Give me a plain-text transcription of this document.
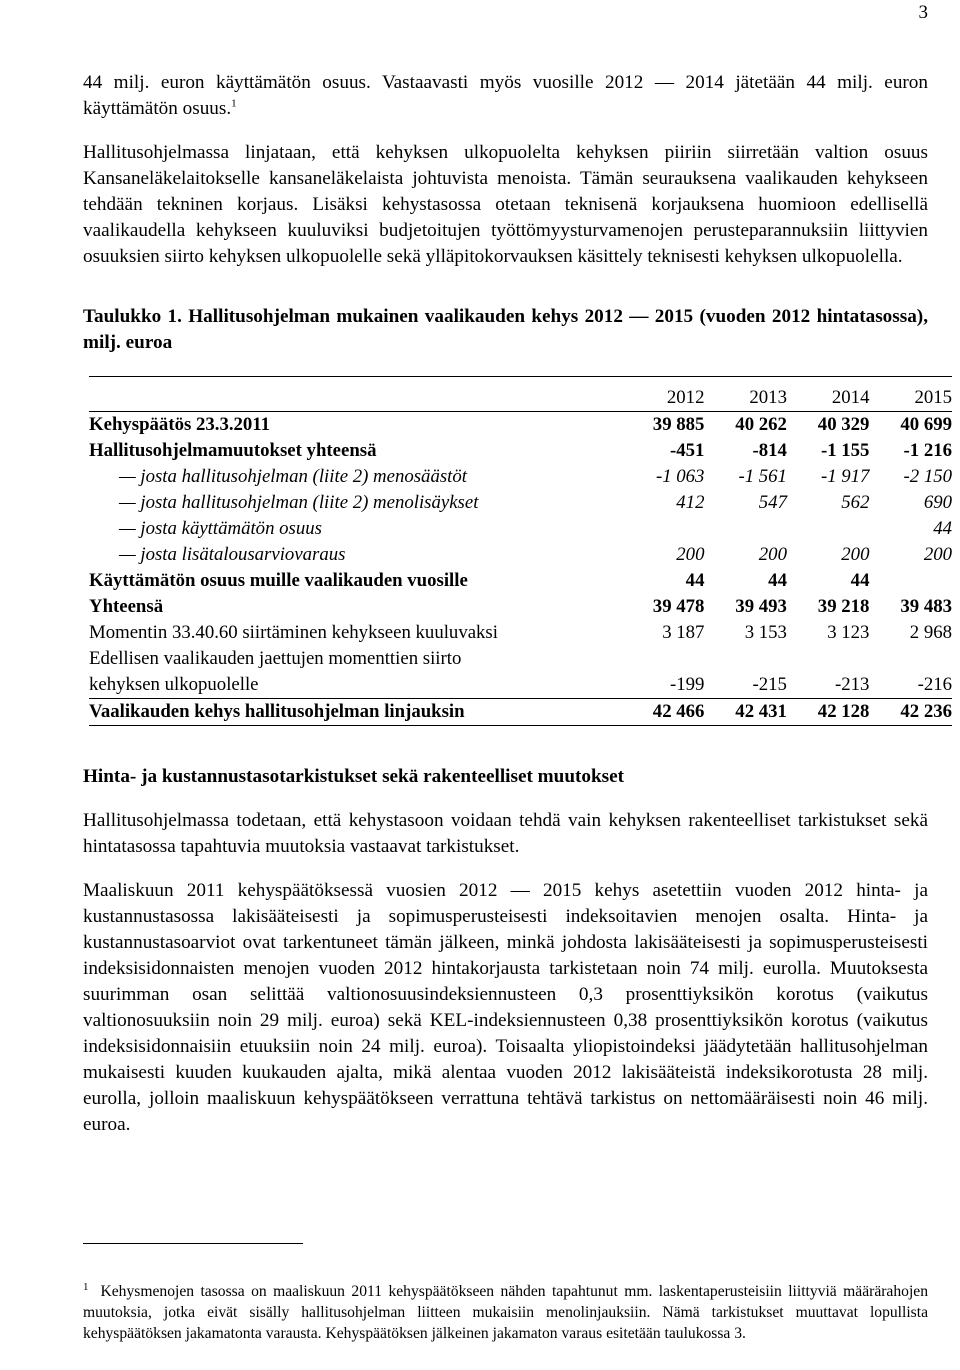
3

44 milj. euron käyttämätön osuus. Vastaavasti myös vuosille 2012 — 2014 jätetään 44 milj. euron käyttämätön osuus.$^1$

Hallitusohjelmassa linjataan, että kehyksen ulkopuolelta kehyksen piiriin siirretään valtion osuus Kansaneläkelaitokselle kansaneläkelaista johtuvista menoista. Tämän seurauksena vaalikauden kehykseen tehdään tekninen korjaus. Lisäksi kehystasossa otetaan teknisenä korjauksena huomioon edellisellä vaalikaudella kehykseen kuuluviksi budjetoitujen työttömyysturvamenojen perusteparannuksiin liittyvien osuuksien siirto kehyksen ulkopuolelle sekä ylläpitokorvauksen käsittely teknisesti kehyksen ulkopuolella.

Taulukko 1. Hallitusohjelman mukainen vaalikauden kehys 2012 — 2015 (vuoden 2012 hintatasossa), milj. euroa

	2012	2013	2014	2015
Kehyspäätös 23.3.2011	39 885	40 262	40 329	40 699
Hallitusohjelmamuutokset yhteensä	-451	-814	-1 155	-1 216
— josta hallitusohjelman (liite 2) menosäästöt	-1 063	-1 561	-1 917	-2 150
— josta hallitusohjelman (liite 2) menolisäykset	412	547	562	690
— josta käyttämätön osuus				44
— josta lisätalousarviovaraus	200	200	200	200
Käyttämätön osuus muille vaalikauden vuosille	44	44	44	
Yhteensä	39 478	39 493	39 218	39 483
Momentin 33.40.60 siirtäminen kehykseen kuuluvaksi	3 187	3 153	3 123	2 968
Edellisen vaalikauden jaettujen momenttien siirto				
kehyksen ulkopuolelle	-199	-215	-213	-216
Vaalikauden kehys hallitusohjelman linjauksin	42 466	42 431	42 128	42 236
Hinta- ja kustannustasotarkistukset sekä rakenteelliset muutokset

Hallitusohjelmassa todetaan, että kehystasoon voidaan tehdä vain kehyksen rakenteelliset tarkistukset sekä hintatasossa tapahtuvia muutoksia vastaavat tarkistukset.

Maaliskuun 2011 kehyspäätöksessä vuosien 2012 — 2015 kehys asetettiin vuoden 2012 hinta- ja kustannustasossa lakisääteisesti ja sopimusperusteisesti indeksoitavien menojen osalta. Hinta- ja kustannustasoarviot ovat tarkentuneet tämän jälkeen, minkä johdosta lakisääteisesti ja sopimusperusteisesti indeksisidonnaisten menojen vuoden 2012 hintakorjausta tarkistetaan noin 74 milj. eurolla. Muutoksesta suurimman osan selittää valtionosuusindeksiennusteen 0,3 prosenttiyksikön korotus (vaikutus valtionosuuksiin noin 29 milj. euroa) sekä KEL-indeksiennusteen 0,38 prosenttiyksikön korotus (vaikutus indeksisidonnaisiin etuuksiin noin 24 milj. euroa). Toisaalta yliopistoindeksi jäädytetään hallitusohjelman mukaisesti kuuden kuukauden ajalta, mikä alentaa vuoden 2012 lakisääteistä indeksikorotusta 28 milj. eurolla, jolloin maaliskuun kehyspäätökseen verrattuna tehtävä tarkistus on nettomääräisesti noin 46 milj. euroa.

$^1$ Kehysmenojen tasossa on maaliskuun 2011 kehyspäätökseen nähden tapahtunut mm. laskentaperusteisiin liittyviä määrärahojen muutoksia, jotka eivät sisälly hallitusohjelman liitteen mukaisiin menolinjauksiin. Nämä tarkistukset muuttavat lopullista kehyspäätöksen jakamatonta varausta. Kehyspäätöksen jälkeinen jakamaton varaus esitetään taulukossa 3.
